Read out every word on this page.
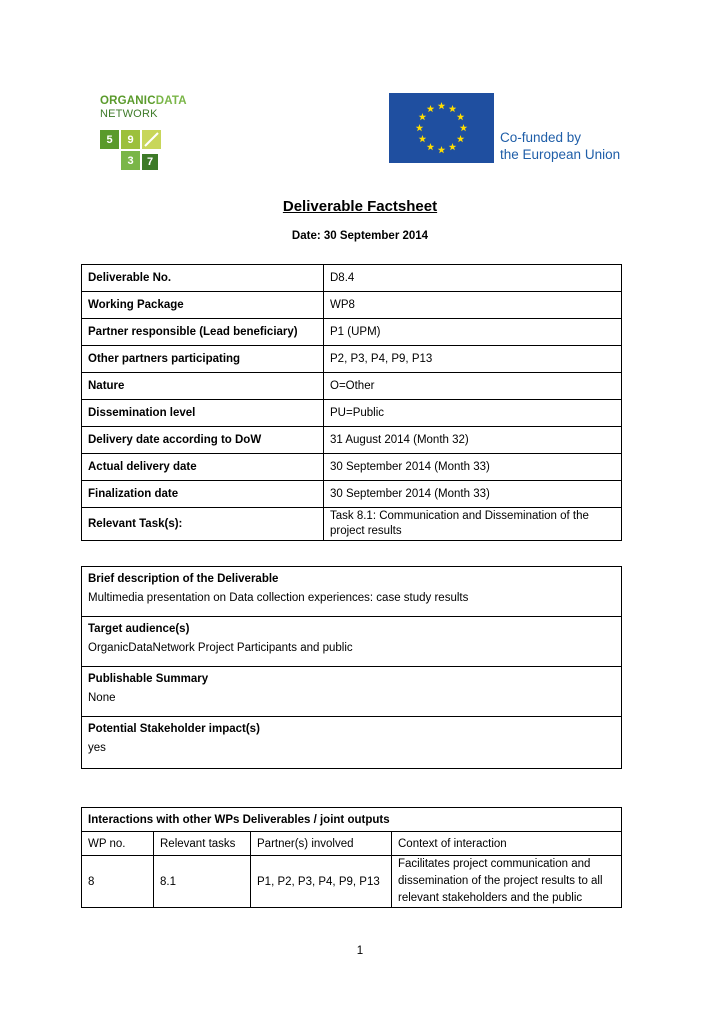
ORGANICDATA
NETWORK
5	9
3	7
Co-funded by
the European Union
Deliverable Factsheet
Date: 30 September 2014
Deliverable No.	D8.4
Working Package	WP8
Partner responsible (Lead beneficiary)	P1 (UPM)
Other partners participating	P2, P3, P4, P9, P13
Nature	O=Other
Dissemination level	PU=Public
Delivery date according to DoW	31 August 2014 (Month 32)
Actual delivery date	30 September 2014 (Month 33)
Finalization date	30 September 2014 (Month 33)
Relevant Task(s):	Task 8.1: Communication and Dissemination of the project results
Brief description of the Deliverable
Multimedia presentation on Data collection experiences: case study results

Target audience(s)
OrganicDataNetwork Project Participants and public

Publishable Summary
None

Potential Stakeholder impact(s)
yes
Interactions with other WPs Deliverables / joint outputs			
WP no.	Relevant tasks	Partner(s) involved	Context of interaction
8	8.1	P1, P2, P3, P4, P9, P13	Facilitates project communication and dissemination of the project results to all relevant stakeholders and the public
1
